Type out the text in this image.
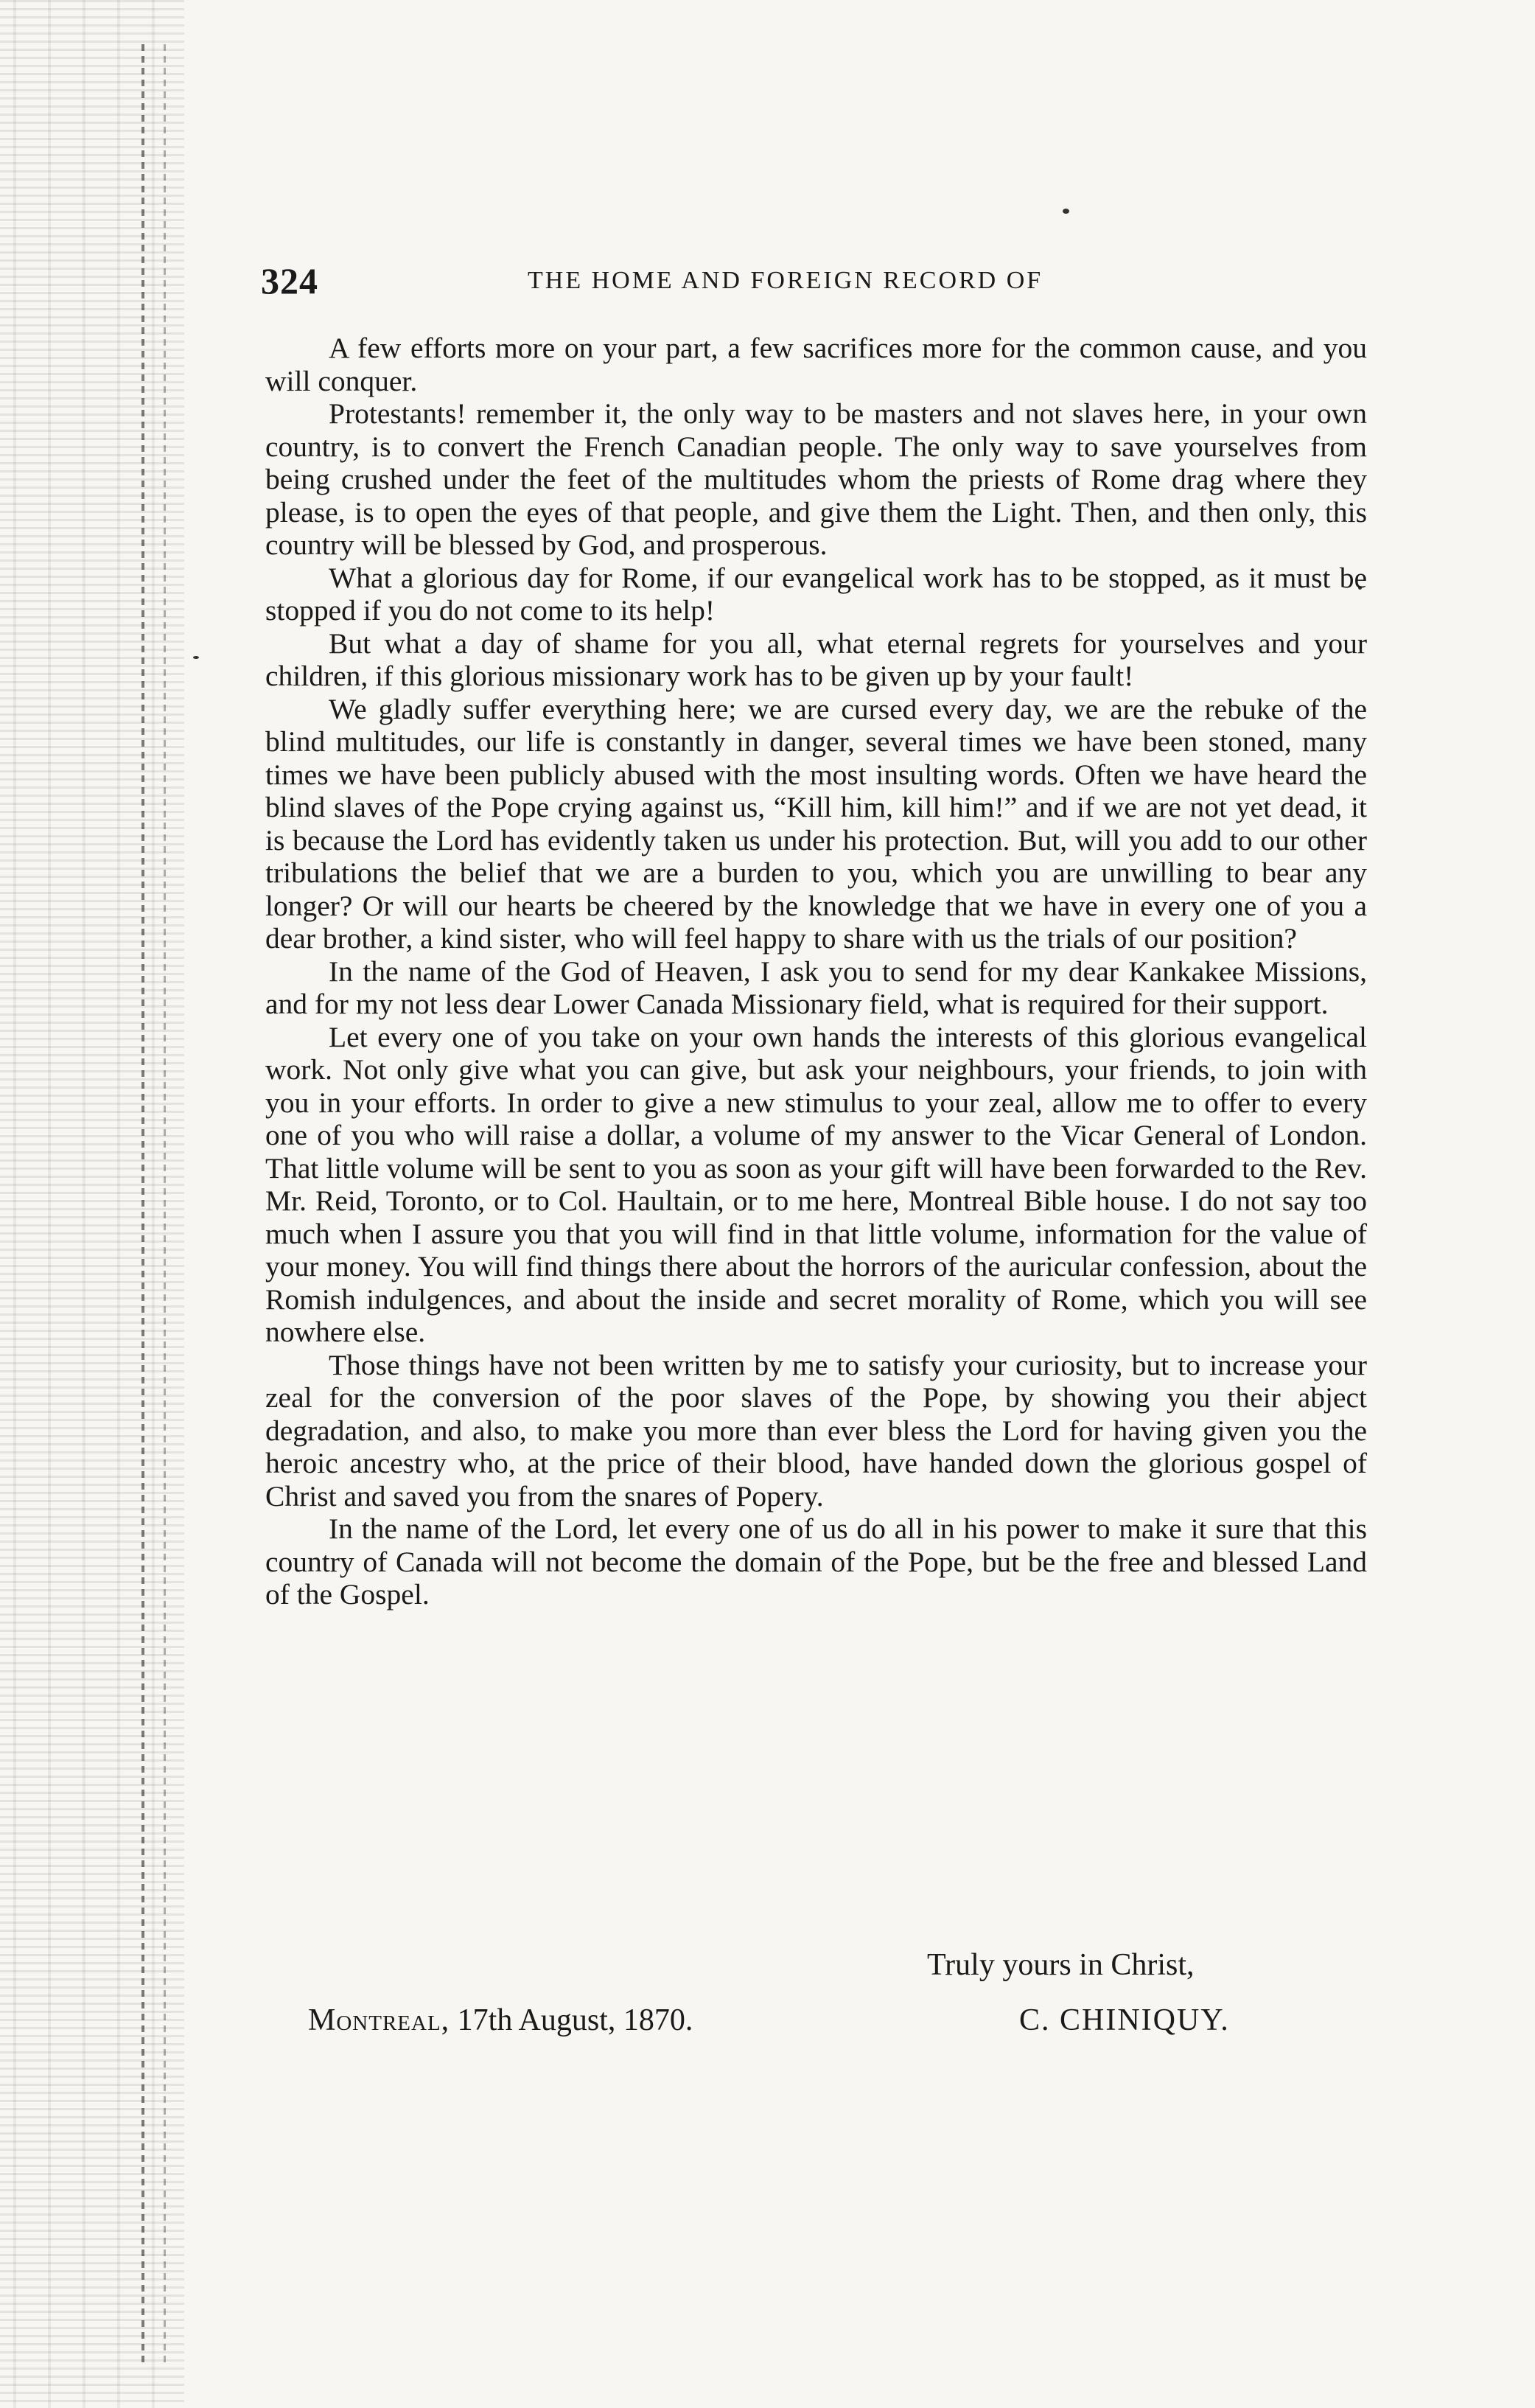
324	THE HOME AND FOREIGN RECORD OF

A few efforts more on your part, a few sacrifices more for the common cause, and you will conquer.

Protestants! remember it, the only way to be masters and not slaves here, in your own country, is to convert the French Canadian people. The only way to save yourselves from being crushed under the feet of the multitudes whom the priests of Rome drag where they please, is to open the eyes of that people, and give them the Light. Then, and then only, this country will be blessed by God, and prosperous.

What a glorious day for Rome, if our evangelical work has to be stopped, as it must be stopped if you do not come to its help!

But what a day of shame for you all, what eternal regrets for yourselves and your children, if this glorious missionary work has to be given up by your fault!

We gladly suffer everything here; we are cursed every day, we are the rebuke of the blind multitudes, our life is constantly in danger, several times we have been stoned, many times we have been publicly abused with the most insulting words. Often we have heard the blind slaves of the Pope crying against us, “Kill him, kill him!” and if we are not yet dead, it is because the Lord has evidently taken us under his protection. But, will you add to our other tribulations the belief that we are a burden to you, which you are unwilling to bear any longer? Or will our hearts be cheered by the knowledge that we have in every one of you a dear brother, a kind sister, who will feel happy to share with us the trials of our position?

In the name of the God of Heaven, I ask you to send for my dear Kankakee Missions, and for my not less dear Lower Canada Missionary field, what is required for their support.

Let every one of you take on your own hands the interests of this glorious evangelical work. Not only give what you can give, but ask your neighbours, your friends, to join with you in your efforts. In order to give a new stimulus to your zeal, allow me to offer to every one of you who will raise a dollar, a volume of my answer to the Vicar General of London. That little volume will be sent to you as soon as your gift will have been forwarded to the Rev. Mr. Reid, Toronto, or to Col. Haultain, or to me here, Montreal Bible house. I do not say too much when I assure you that you will find in that little volume, information for the value of your money. You will find things there about the horrors of the auricular confession, about the Romish indulgences, and about the inside and secret morality of Rome, which you will see nowhere else.

Those things have not been written by me to satisfy your curiosity, but to increase your zeal for the conversion of the poor slaves of the Pope, by showing you their abject degradation, and also, to make you more than ever bless the Lord for having given you the heroic ancestry who, at the price of their blood, have handed down the glorious gospel of Christ and saved you from the snares of Popery.

In the name of the Lord, let every one of us do all in his power to make it sure that this country of Canada will not become the domain of the Pope, but be the free and blessed Land of the Gospel.

Truly yours in Christ,
Montreal, 17th August, 1870.	C. CHINIQUY.
